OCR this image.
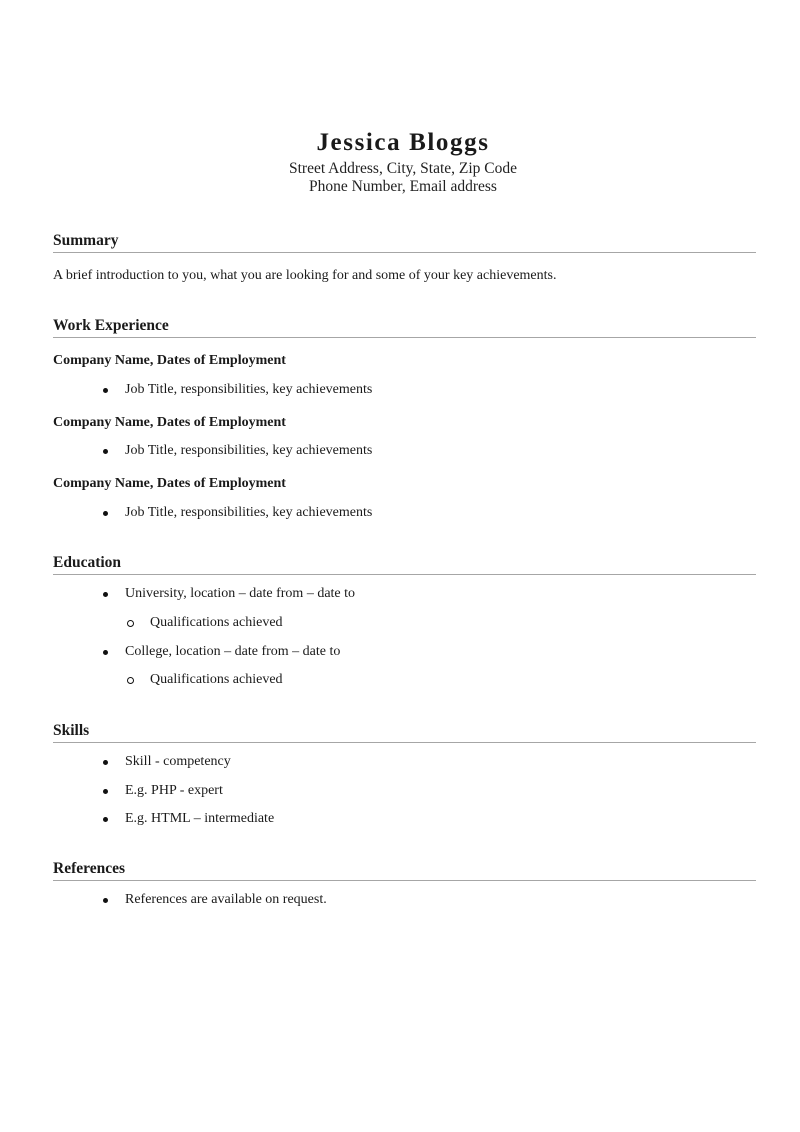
Jessica Bloggs
Street Address, City, State, Zip Code
Phone Number, Email address
Summary
A brief introduction to you, what you are looking for and some of your key achievements.
Work Experience
Company Name, Dates of Employment
Job Title, responsibilities, key achievements
Company Name, Dates of Employment
Job Title, responsibilities, key achievements
Company Name, Dates of Employment
Job Title, responsibilities, key achievements
Education
University, location – date from – date to
Qualifications achieved
College, location – date from – date to
Qualifications achieved
Skills
Skill - competency
E.g. PHP - expert
E.g. HTML – intermediate
References
References are available on request.
